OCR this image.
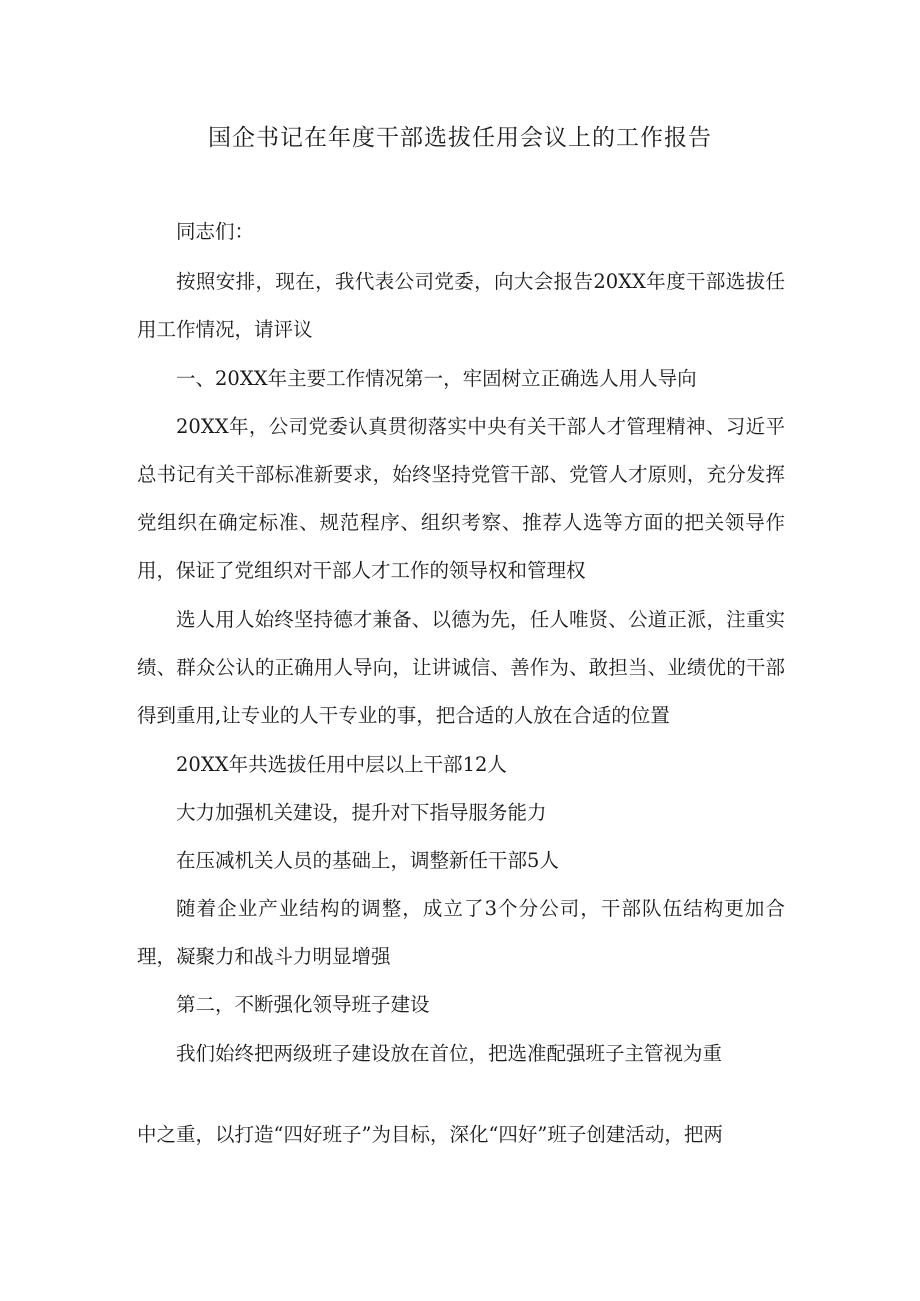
国企书记在年度干部选拔任用会议上的工作报告

同志们：

按照安排，现在，我代表公司党委，向大会报告20XX年度干部选拔任用工作情况，请评议

一、20XX年主要工作情况第一，牢固树立正确选人用人导向

20XX年，公司党委认真贯彻落实中央有关干部人才管理精神、习近平总书记有关干部标准新要求，始终坚持党管干部、党管人才原则，充分发挥党组织在确定标准、规范程序、组织考察、推荐人选等方面的把关领导作用，保证了党组织对干部人才工作的领导权和管理权

选人用人始终坚持德才兼备、以德为先，任人唯贤、公道正派，注重实绩、群众公认的正确用人导向，让讲诚信、善作为、敢担当、业绩优的干部得到重用,让专业的人干专业的事，把合适的人放在合适的位置

20XX年共选拔任用中层以上干部12人

大力加强机关建设，提升对下指导服务能力

在压减机关人员的基础上，调整新任干部5人

随着企业产业结构的调整，成立了3个分公司，干部队伍结构更加合理，凝聚力和战斗力明显增强

第二，不断强化领导班子建设

我们始终把两级班子建设放在首位，把选准配强班子主管视为重

中之重，以打造“四好班子”为目标，深化“四好”班子创建活动，把两
